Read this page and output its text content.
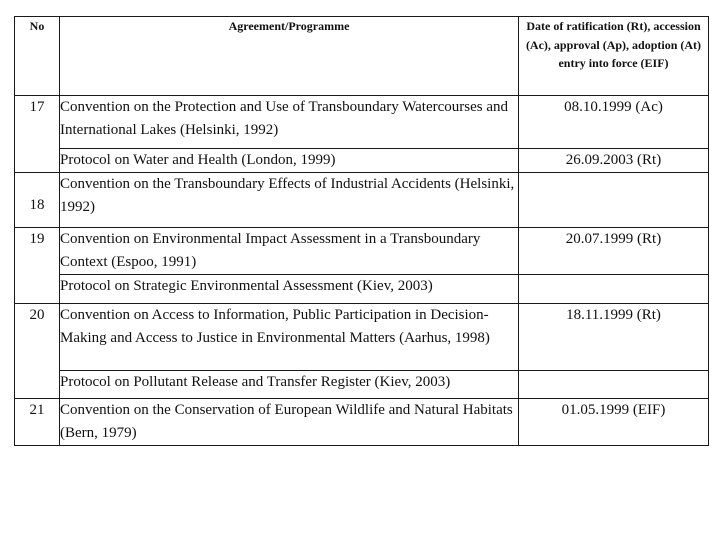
No	Agreement/Programme	Date of ratification (Rt), accession (Ac), approval (Ap), adoption (At) entry into force (EIF)
17	Convention on the Protection and Use of Transboundary Watercourses and International Lakes (Helsinki, 1992)	08.10.1999 (Ac)
	Protocol on Water and Health (London, 1999)	26.09.2003 (Rt)
18	Convention on the Transboundary Effects of Industrial Accidents (Helsinki, 1992)	
19	Convention on Environmental Impact Assessment in a Transboundary Context (Espoo, 1991)	20.07.1999 (Rt)
	Protocol on Strategic Environmental Assessment (Kiev, 2003)	
20	Convention on Access to Information, Public Participation in Decision-Making and Access to Justice in Environmental Matters (Aarhus, 1998)	18.11.1999 (Rt)
	Protocol on Pollutant Release and Transfer Register (Kiev, 2003)	
21	Convention on the Conservation of European Wildlife and Natural Habitats (Bern, 1979)	01.05.1999 (EIF)
